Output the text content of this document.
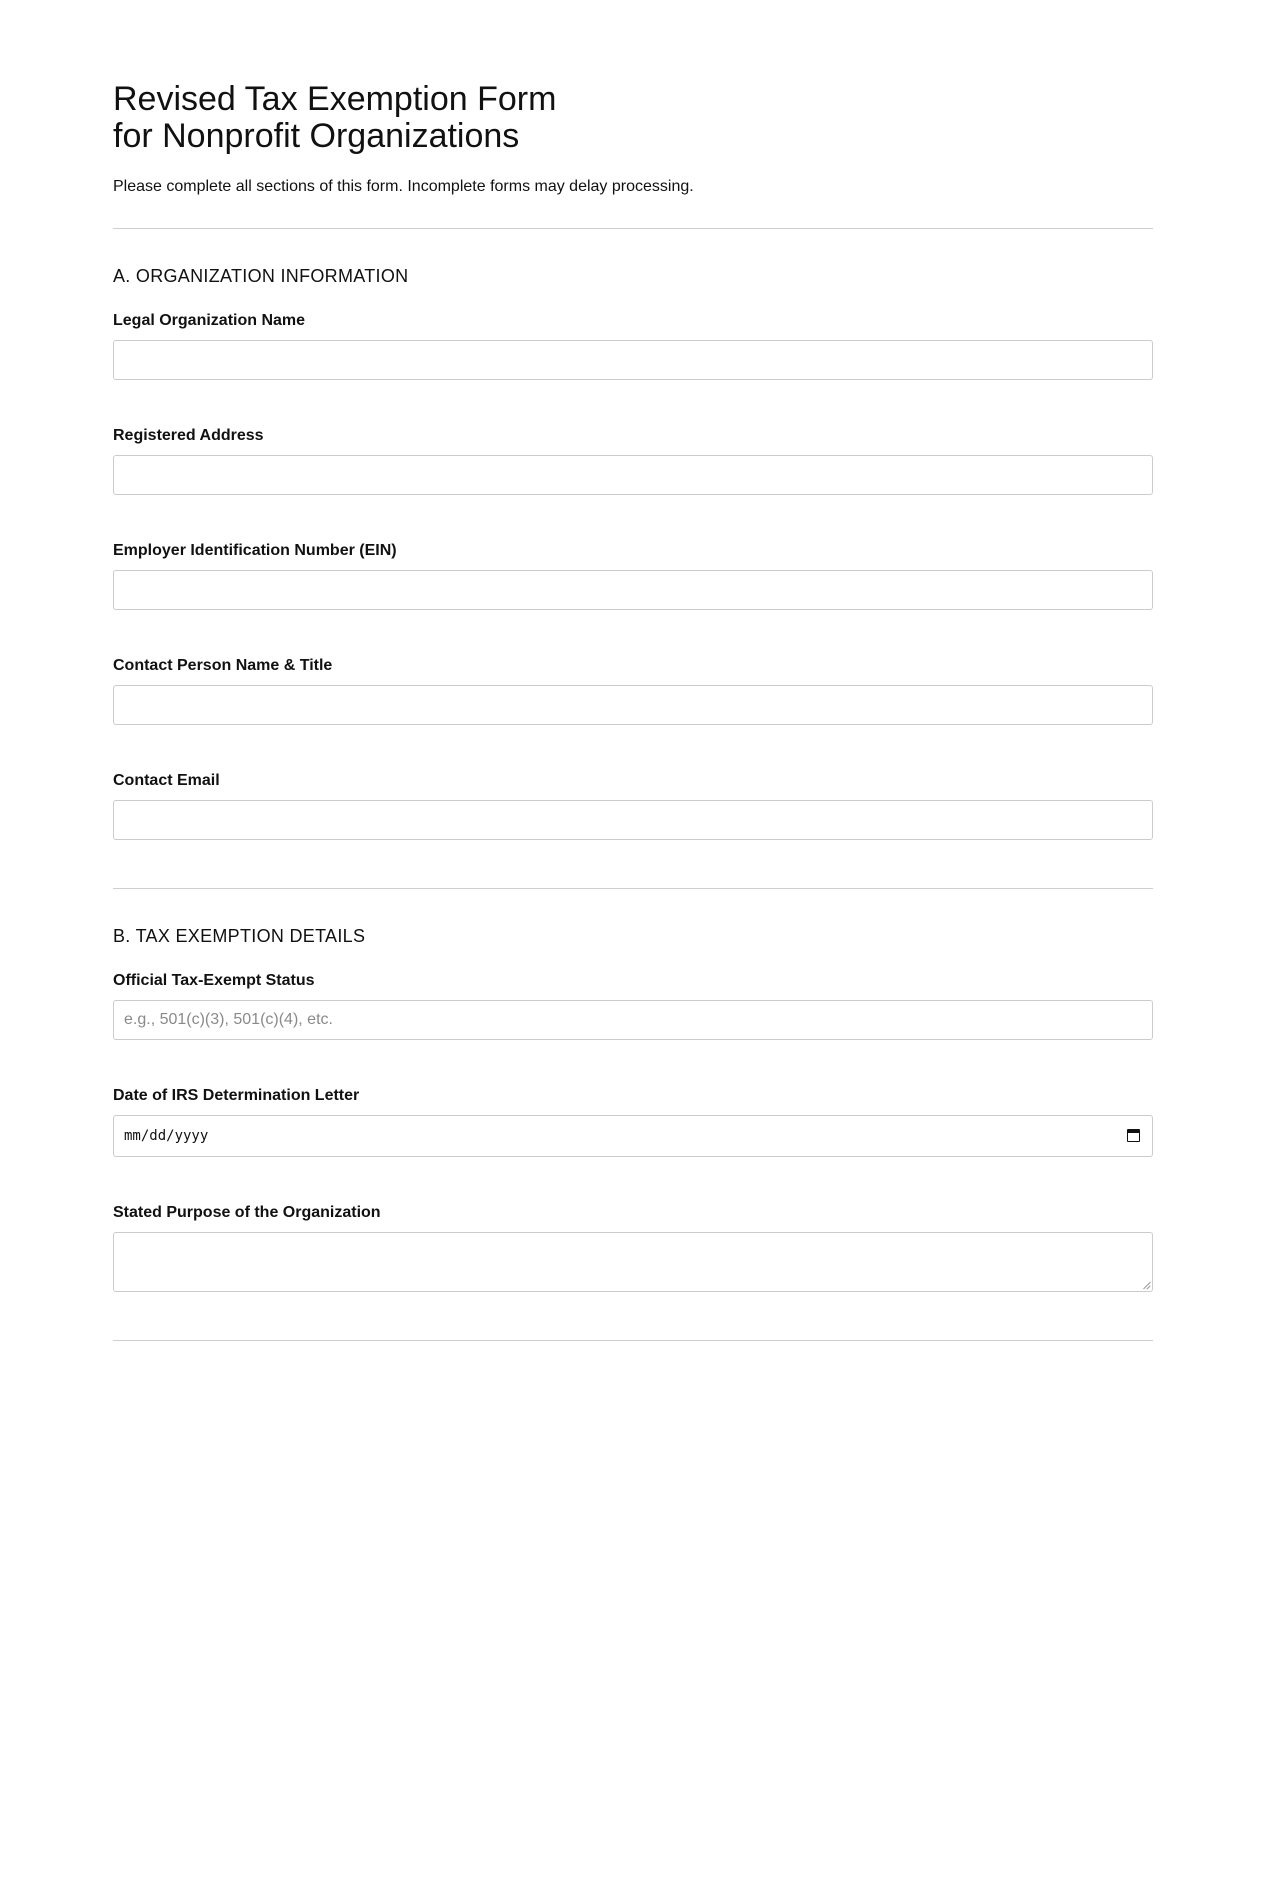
Revised Tax Exemption Form
for Nonprofit Organizations

Please complete all sections of this form. Incomplete forms may delay processing.

A. ORGANIZATION INFORMATION
Legal Organization Name
Registered Address
Employer Identification Number (EIN)
Contact Person Name & Title
Contact Email
B. TAX EXEMPTION DETAILS
Official Tax-Exempt Status
e.g., 501(c)(3), 501(c)(4), etc.
Date of IRS Determination Letter
mm/dd/yyyy
Stated Purpose of the Organization
